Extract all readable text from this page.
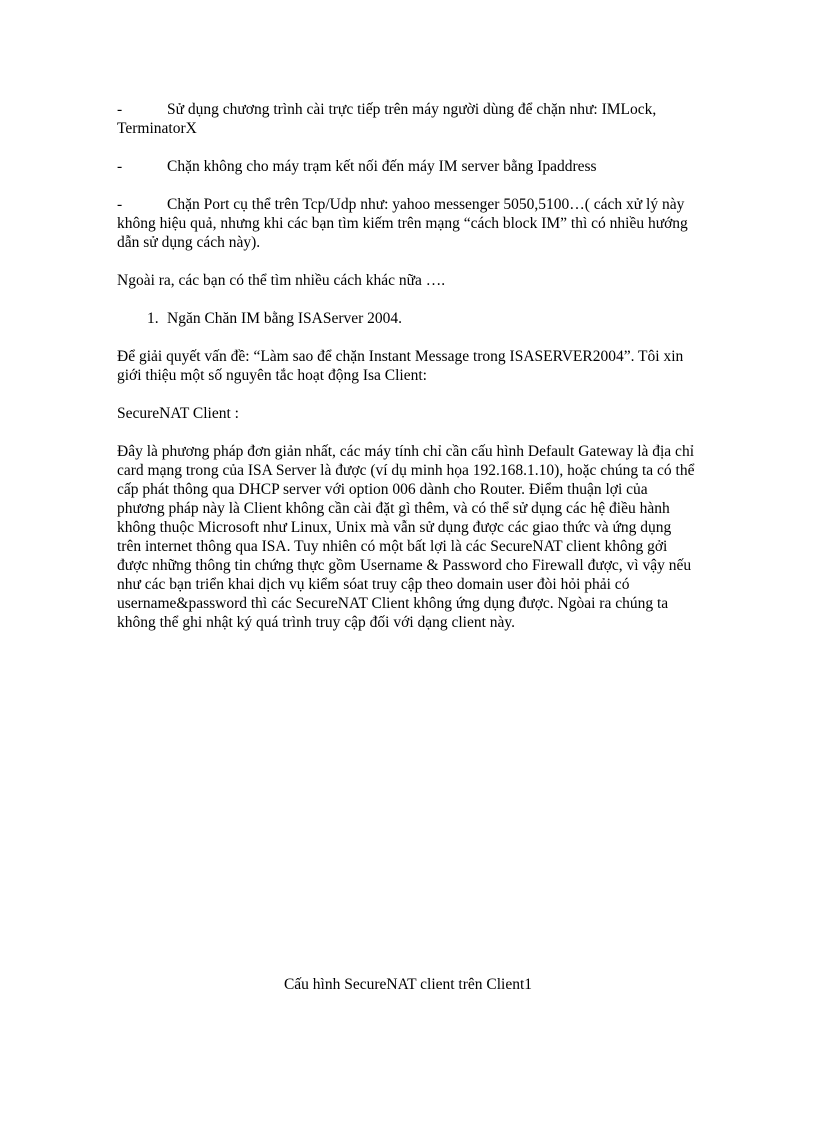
-	Sử dụng chương trình cài trực tiếp trên máy người dùng để chặn như: IMLock, TerminatorX

-	Chặn không cho máy trạm kết nối đến máy IM server bằng Ipaddress

-	Chặn Port cụ thể trên Tcp/Udp như: yahoo messenger 5050,5100…( cách xử lý này không hiệu quả, nhưng khi các bạn tìm kiếm trên mạng “cách block IM” thì có nhiều hướng dẫn sử dụng cách này).

Ngoài ra, các bạn có thể tìm nhiều cách khác nữa ….

1. Ngăn Chăn IM bằng ISAServer 2004.

Để giải quyết vấn đề: “Làm sao để chặn Instant Message trong ISASERVER2004”. Tôi xin giới thiệu một số nguyên tắc hoạt động Isa Client:

SecureNAT Client :

Đây là phương pháp đơn giản nhất, các máy tính chỉ cần cấu hình Default Gateway là địa chỉ card mạng trong của ISA Server là được (ví dụ minh họa 192.168.1.10), hoặc chúng ta có thể cấp phát thông qua DHCP server với option 006 dành cho Router. Điểm thuận lợi của phương pháp này là Client không cần cài đặt gì thêm, và có thể sử dụng các hệ điều hành không thuộc Microsoft như Linux, Unix mà vẫn sử dụng được các giao thức và ứng dụng trên internet thông qua ISA. Tuy nhiên có một bất lợi là các SecureNAT client không gởi được những thông tin chứng thực gồm Username & Password cho Firewall được, vì vậy nếu như các bạn triển khai dịch vụ kiểm sóat truy cập theo domain user đòi hỏi phải có username&password thì các SecureNAT Client không ứng dụng được. Ngòai ra chúng ta không thể ghi nhật ký quá trình truy cập đối với dạng client này.

Cấu hình SecureNAT client trên Client1
